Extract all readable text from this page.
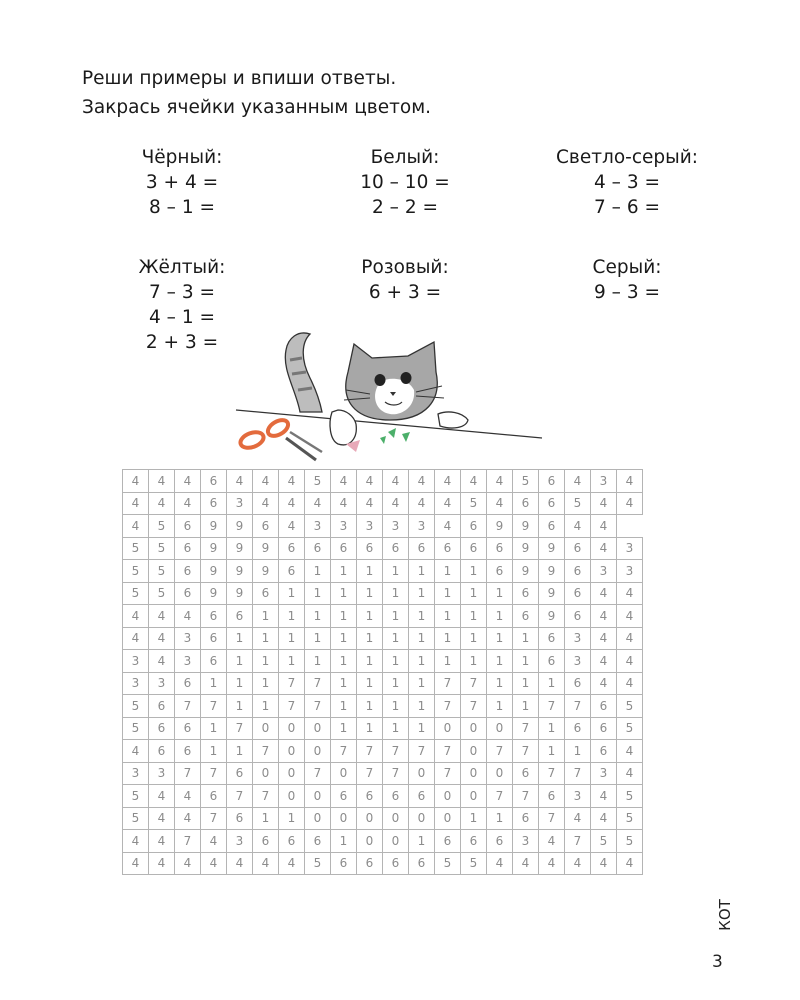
Реши примеры и впиши ответы.
Закрась ячейки указанным цветом.
Чёрный:
3 + 4 =
8 – 1 =
Белый:
10 – 10 =
2 – 2 =
Светло-серый:
4 – 3 =
7 – 6 =
Жёлтый:
7 – 3 =
4 – 1 =
2 + 3 =
Розовый:
6 + 3 =
Серый:
9 – 3 =
4	4	4	6	4	4	4	5	4	4	4	4	4	4	4	5	6	4	3	4
4	4	4	6	3	4	4	4	4	4	4	4	4	5	4	6	6	5	4	4
4	5	6	9	9	6	4	3	3	3	3	3	4	6	9	9	6	4	4	
5	5	6	9	9	9	6	6	6	6	6	6	6	6	6	9	9	6	4	3
5	5	6	9	9	9	6	1	1	1	1	1	1	1	6	9	9	6	3	3
5	5	6	9	9	6	1	1	1	1	1	1	1	1	1	6	9	6	4	4
4	4	4	6	6	1	1	1	1	1	1	1	1	1	1	6	9	6	4	4
4	4	3	6	1	1	1	1	1	1	1	1	1	1	1	1	6	3	4	4
3	4	3	6	1	1	1	1	1	1	1	1	1	1	1	1	6	3	4	4
3	3	6	1	1	1	7	7	1	1	1	1	7	7	1	1	1	6	4	4
5	6	7	7	1	1	7	7	1	1	1	1	7	7	1	1	7	7	6	5
5	6	6	1	7	0	0	0	1	1	1	1	0	0	0	7	1	6	6	5
4	6	6	1	1	7	0	0	7	7	7	7	7	0	7	7	1	1	6	4
3	3	7	7	6	0	0	7	0	7	7	0	7	0	0	6	7	7	3	4
5	4	4	6	7	7	0	0	6	6	6	6	0	0	7	7	6	3	4	5
5	4	4	7	6	1	1	0	0	0	0	0	0	1	1	6	7	4	4	5
4	4	7	4	3	6	6	6	1	0	0	1	6	6	6	3	4	7	5	5
4	4	4	4	4	4	4	5	6	6	6	6	5	5	4	4	4	4	4	4
КОТ
3
